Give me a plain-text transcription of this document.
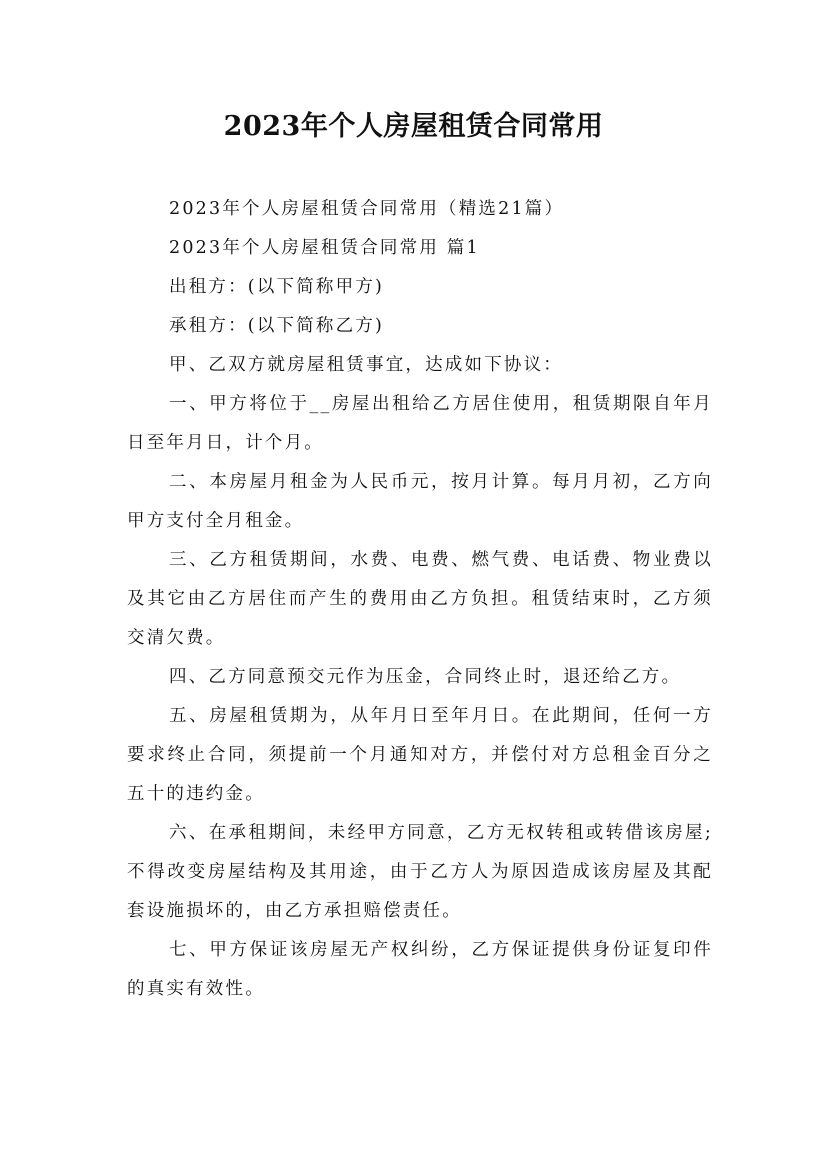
2023年个人房屋租赁合同常用

2023年个人房屋租赁合同常用（精选21篇）

2023年个人房屋租赁合同常用 篇1

出租方：(以下简称甲方)

承租方：(以下简称乙方)

甲、乙双方就房屋租赁事宜，达成如下协议：

一、甲方将位于__房屋出租给乙方居住使用，租赁期限自年月日至年月日，计个月。

二、本房屋月租金为人民币元，按月计算。每月月初，乙方向甲方支付全月租金。

三、乙方租赁期间，水费、电费、燃气费、电话费、物业费以及其它由乙方居住而产生的费用由乙方负担。租赁结束时，乙方须交清欠费。

四、乙方同意预交元作为压金，合同终止时，退还给乙方。

五、房屋租赁期为，从年月日至年月日。在此期间，任何一方要求终止合同，须提前一个月通知对方，并偿付对方总租金百分之五十的违约金。

六、在承租期间，未经甲方同意，乙方无权转租或转借该房屋;不得改变房屋结构及其用途，由于乙方人为原因造成该房屋及其配套设施损坏的，由乙方承担赔偿责任。

七、甲方保证该房屋无产权纠纷，乙方保证提供身份证复印件的真实有效性。
